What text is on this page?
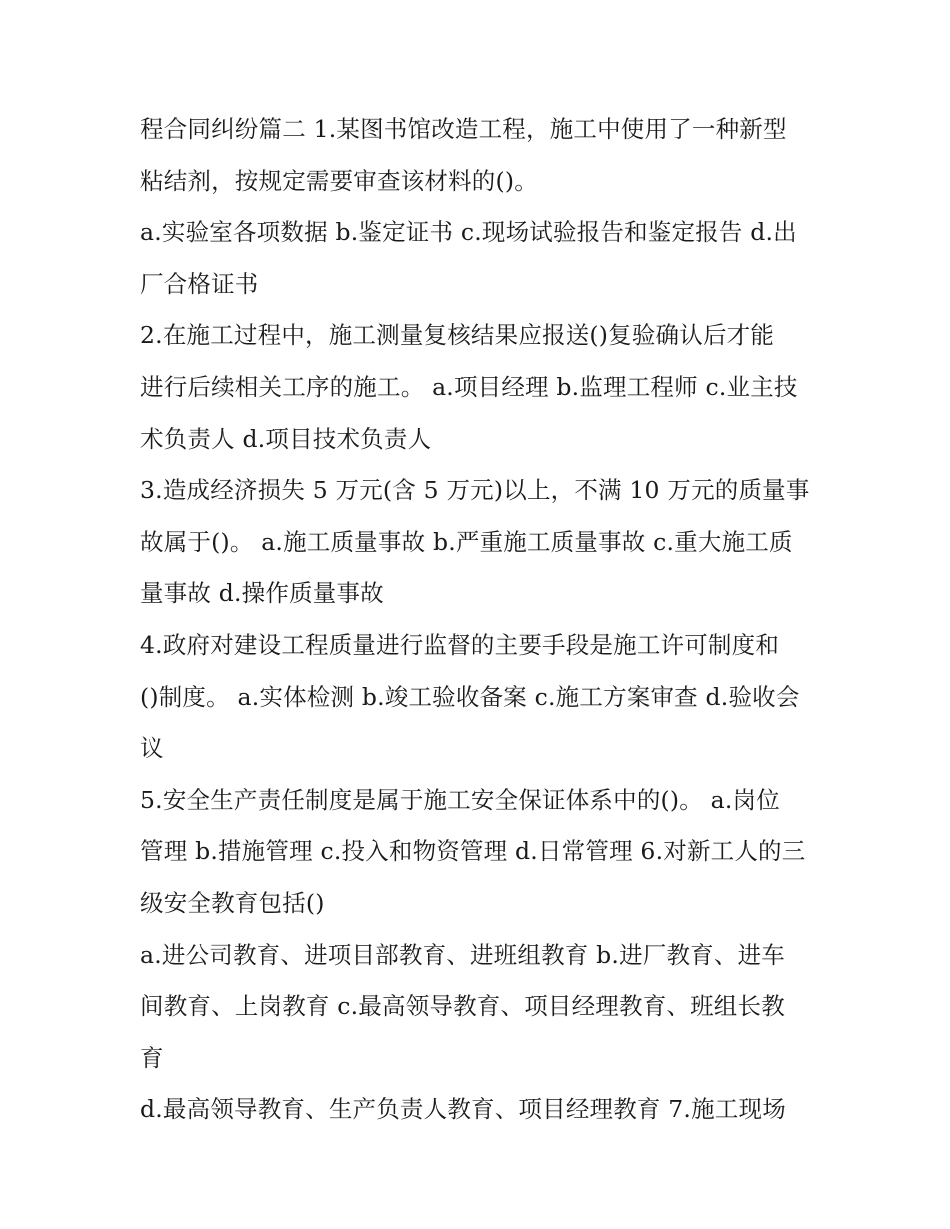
程合同纠纷篇二 1.某图书馆改造工程，施工中使用了一种新型

粘结剂，按规定需要审查该材料的()。

a.实验室各项数据 b.鉴定证书 c.现场试验报告和鉴定报告 d.出

厂合格证书

2.在施工过程中，施工测量复核结果应报送()复验确认后才能

进行后续相关工序的施工。 a.项目经理 b.监理工程师 c.业主技

术负责人 d.项目技术负责人

3.造成经济损失 5 万元(含 5 万元)以上，不满 10 万元的质量事

故属于()。 a.施工质量事故 b.严重施工质量事故 c.重大施工质

量事故 d.操作质量事故

4.政府对建设工程质量进行监督的主要手段是施工许可制度和

()制度。 a.实体检测 b.竣工验收备案 c.施工方案审查 d.验收会

议

5.安全生产责任制度是属于施工安全保证体系中的()。 a.岗位

管理 b.措施管理 c.投入和物资管理 d.日常管理 6.对新工人的三

级安全教育包括()

a.进公司教育、进项目部教育、进班组教育 b.进厂教育、进车

间教育、上岗教育 c.最高领导教育、项目经理教育、班组长教

育

d.最高领导教育、生产负责人教育、项目经理教育 7.施工现场
